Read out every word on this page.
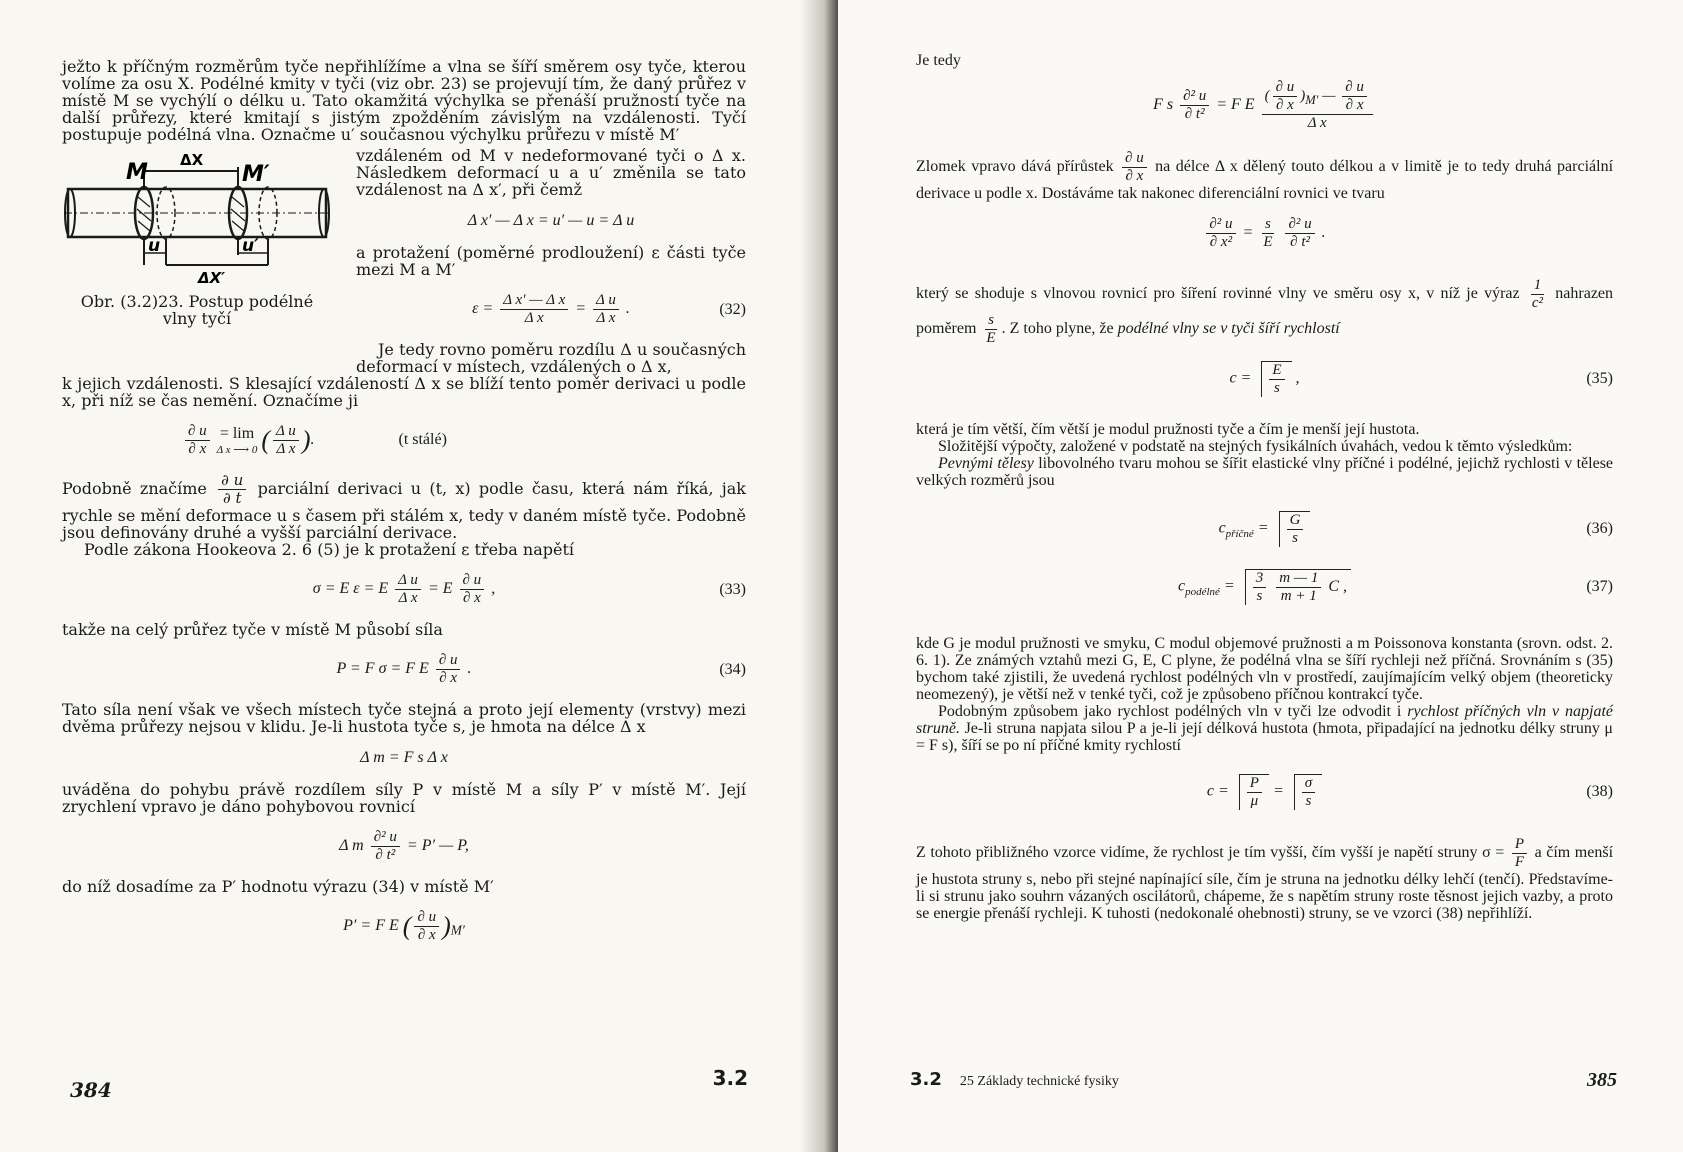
ježto k příčným rozměrům tyče nepřihlížíme a vlna se šíří směrem osy tyče, kterou volíme za osu X. Podélné kmity v tyči (viz obr. 23) se projevují tím, že daný průřez v místě M se vychýlí o délku u. Tato okamžitá výchylka se přenáší pružností tyče na další průřezy, které kmitají s jistým zpožděním závislým na vzdálenosti. Tyčí postupuje podélná vlna. Označme u′ současnou výchylku průřezu v místě M′

M ΔX
M′
u	u′
ΔX′
Obr. (3.2)23. Postup podélné vlny tyčí

vzdáleném od M v nedeformované tyči o Δ x. Následkem deformací u a u′ změnila se tato vzdálenost na Δ x′, při čemž

Δ x′ — Δ x = u′ — u = Δ u

a protažení (poměrné prodloužení) ε části tyče mezi M a M′

$\varepsilon = \frac{\text{Δ x′ — Δ x}}{\text{Δ x}} = \frac{\text{Δ u}}{\text{Δ x}}$ .	(32)

Je tedy rovno poměru rozdílu Δ u současných deformací v místech, vzdálených o Δ x,

k jejich vzdálenosti. S klesající vzdáleností Δ x se blíží tento poměr derivaci u podle x, při níž se čas nemění. Označíme ji

$\frac{\partial u}{\partial x}$
= lim
Δ x ⟶ 0 ( $\frac{\text{Δ u}}{\text{Δ x}}$ ).	(t stálé)

Podobně značíme $\frac{\partial u}{\partial t}$ parciální derivaci u (t, x) podle času, která nám říká, jak rychle se mění deformace u s časem při stálém x, tedy v daném místě tyče. Podobně jsou definovány druhé a vyšší parciální derivace.

Podle zákona Hookeova 2. 6 (5) je k protažení ε třeba napětí

σ = E ε = E $\frac{\text{Δ u}}{\text{Δ x}} = E \frac{\partial u}{\partial x}$ ,	(33)

takže na celý průřez tyče v místě M působí síla

P = F σ = F E $\frac{\partial u}{\partial x}$ .	(34)

Tato síla není však ve všech místech tyče stejná a proto její elementy (vrstvy) mezi dvěma průřezy nejsou v klidu. Je-li hustota tyče s, je hmota na délce Δ x

Δ m = F s Δ x

uváděna do pohybu právě rozdílem síly P v místě M a síly P′ v místě M′. Její zrychlení vpravo je dáno pohybovou rovnicí

Δ m $\frac{\text{∂² u}}{\text{∂ t²}} = P'$ — P,

do níž dosadíme za P′ hodnotu výrazu (34) v místě M′

P′ = F E ( $\frac{\partial u}{\partial x} )_{M'}$
384	3.2

Je tedy

F s $\frac{\text{∂² u}}{\text{∂ t²}} = F$ E $\frac{( \frac{\partial u}{\partial x} )_{M'} — \frac{\partial u}{\partial x}}{\text{Δ x}}$

Zlomek vpravo dává přírůstek $\frac{\partial u}{\partial x}$ na délce Δ x dělený touto délkou a v limitě je to tedy druhá parciální derivace u podle x. Dostáváme tak nakonec diferenciální rovnici ve tvaru

$\frac{\text{∂² u}}{\text{∂ x²}} = \frac{s}{E}$
$\frac{\text{∂² u}}{\text{∂ t²}}$ .

který se shoduje s vlnovou rovnicí pro šíření rovinné vlny ve směru osy x, v níž je výraz $\frac{1}{\text{c²}}$ nahrazen poměrem $\frac{s}{E}$ . Z toho plyne, že podélné vlny se v tyči šíří rychlostí

$c = \frac{E}{s}$ ,	(35)

která je tím větší, čím větší je modul pružnosti tyče a čím je menší její hustota.

Složitější výpočty, založené v podstatě na stejných fysikálních úvahách, vedou k těmto výsledkům:

Pevnými tělesy libovolného tvaru mohou se šířit elastické vlny příčné i podélné, jejichž rychlosti v tělese velkých rozměrů jsou

$c_{příčné} = \frac{G}{s}$	(36)
$c_{podélné} = \frac{3}{s}$
$\frac{m — 1}{m + 1}$ C ,	(37)

kde G je modul pružnosti ve smyku, C modul objemové pružnosti a m Poissonova konstanta (srovn. odst. 2. 6. 1). Ze známých vztahů mezi G, E, C plyne, že podélná vlna se šíří rychleji než příčná. Srovnáním s (35) bychom také zjistili, že uvedená rychlost podélných vln v prostředí, zaujímajícím velký objem (theoreticky neomezený), je větší než v tenké tyči, což je způsobeno příčnou kontrakcí tyče.

Podobným způsobem jako rychlost podélných vln v tyči lze odvodit i rychlost příčných vln v napjaté struně. Je-li struna napjata silou P a je-li její délková hustota (hmota, připadající na jednotku délky struny μ = F s), šíří se po ní příčné kmity rychlostí

$c = \frac{P}{\mu} = \frac{\sigma}{s}$	(38)

Z tohoto přibližného vzorce vidíme, že rychlost je tím vyšší, čím vyšší je napětí struny $\sigma = \frac{P}{F}$ a čím menší je hustota struny s, nebo při stejné napínající síle, čím je struna na jednotku délky lehčí (tenčí). Představíme-li si strunu jako souhrn vázaných oscilátorů, chápeme, že s napětím struny roste těsnost jejich vazby, a proto se energie přenáší rychleji. K tuhosti (nedokonalé ohebnosti) struny, se ve vzorci (38) nepřihlíží.

3.2 25 Základy technické fysiky	385
